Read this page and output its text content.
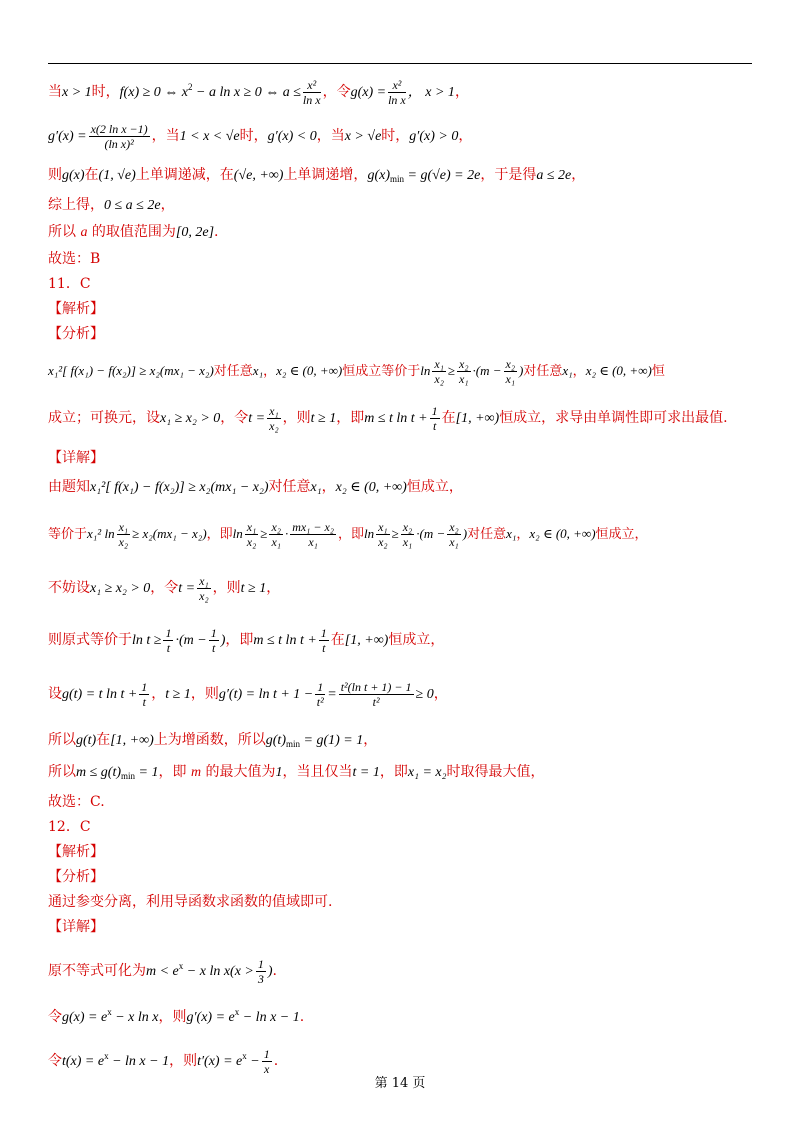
当x > 1时，f(x) ≥ 0 ⇔ $x^2 - a$ ln x ≥ 0 ⇔ $a \le \frac{\text{x²}}{\text{ln x}}$ ，令$g(x) = \frac{\text{x²}}{\text{ln x}}$ ， x > 1，
$g'(x) = \frac{\text{x(2 ln x −1)}}{\text{(ln x)²}}$ ，当1 < x < √e时，g′(x) < 0，当x > √e时，g′(x) > 0，
则g(x)在(1, √e)上单调递减，在(√e, +∞)上单调递增，$g(x)_{min} = g(√e) = 2e$，于是得a ≤ 2e，
综上得，0 ≤ a ≤ 2e，
所以 a 的取值范围为[0, 2e].
故选：B
11．C
【解析】
【分析】
x₁²[ f(x₁) − f(x₂)] ≥ x₂(mx₁ − x₂)对任意x₁，x₂ ∈ (0, +∞)恒成立等价于$\ln \frac{\text{x₁}}{\text{x₂}} \ge \frac{\text{x₂}}{\text{x₁}} \cdot(m - \frac{\text{x₂}}{\text{x₁}}$ )对任意x₁，x₂ ∈ (0, +∞)恒
成立；可换元，设x₁ ≥ x₂ > 0，令$t = \frac{\text{x₁}}{\text{x₂}}$ ，则t ≥ 1，即m ≤ t $\ln t + \frac{1}{t}$ 在[1, +∞)恒成立，求导由单调性即可求出最值.
【详解】
由题知x₁²[ f(x₁) − f(x₂)] ≥ x₂(mx₁ − x₂)对任意x₁，x₂ ∈ (0, +∞)恒成立，
等价于x₁² $\ln \frac{\text{x₁}}{\text{x₂}} \ge x_2(mx_1 - x_2)$，即$\ln \frac{\text{x₁}}{\text{x₂}} \ge \frac{\text{x₂}}{\text{x₁}} \cdot \frac{\text{mx₁ − x₂}}{\text{x₁}}$ ，即$\ln \frac{\text{x₁}}{\text{x₂}} \ge \frac{\text{x₂}}{\text{x₁}} \cdot(m - \frac{\text{x₂}}{\text{x₁}}$ )对任意x₁，x₂ ∈ (0, +∞)恒成立，
不妨设x₁ ≥ x₂ > 0，令$t = \frac{\text{x₁}}{\text{x₂}}$ ，则t ≥ 1，
则原式等价于$\ln t \ge \frac{1}{t} \cdot(m - \frac{1}{t}$ )，即m ≤ t $\ln t + \frac{1}{t}$ 在[1, +∞)恒成立，
设g(t) = t $\ln t + \frac{1}{t}$ ，t ≥ 1，则$g'(t) = \ln t + 1 - \frac{1}{\text{t²}} = \frac{\text{t²(ln t + 1) − 1}}{\text{t²}} \ge 0$，
所以g(t)在[1, +∞)上为增函数，所以$g(t)_{min} = g(1) = 1$，
所以$m \le g(t)_{min} = 1$，即 m 的最大值为1，当且仅当t = 1，即x₁ = x₂时取得最大值，
故选：C.
12．C
【解析】
【分析】
通过参变分离，利用导函数求函数的值域即可.
【详解】
原不等式可化为$m < e^x - x$ $\ln x(x > \frac{1}{3}$ ).
令$g(x) = e^x - x$ ln x，则$g'(x) = e^x - \ln x - 1$.
令$t(x) = e^x - \ln x - 1$，则$t'(x) = e^x - \frac{1}{x}$ .
第 14 页
